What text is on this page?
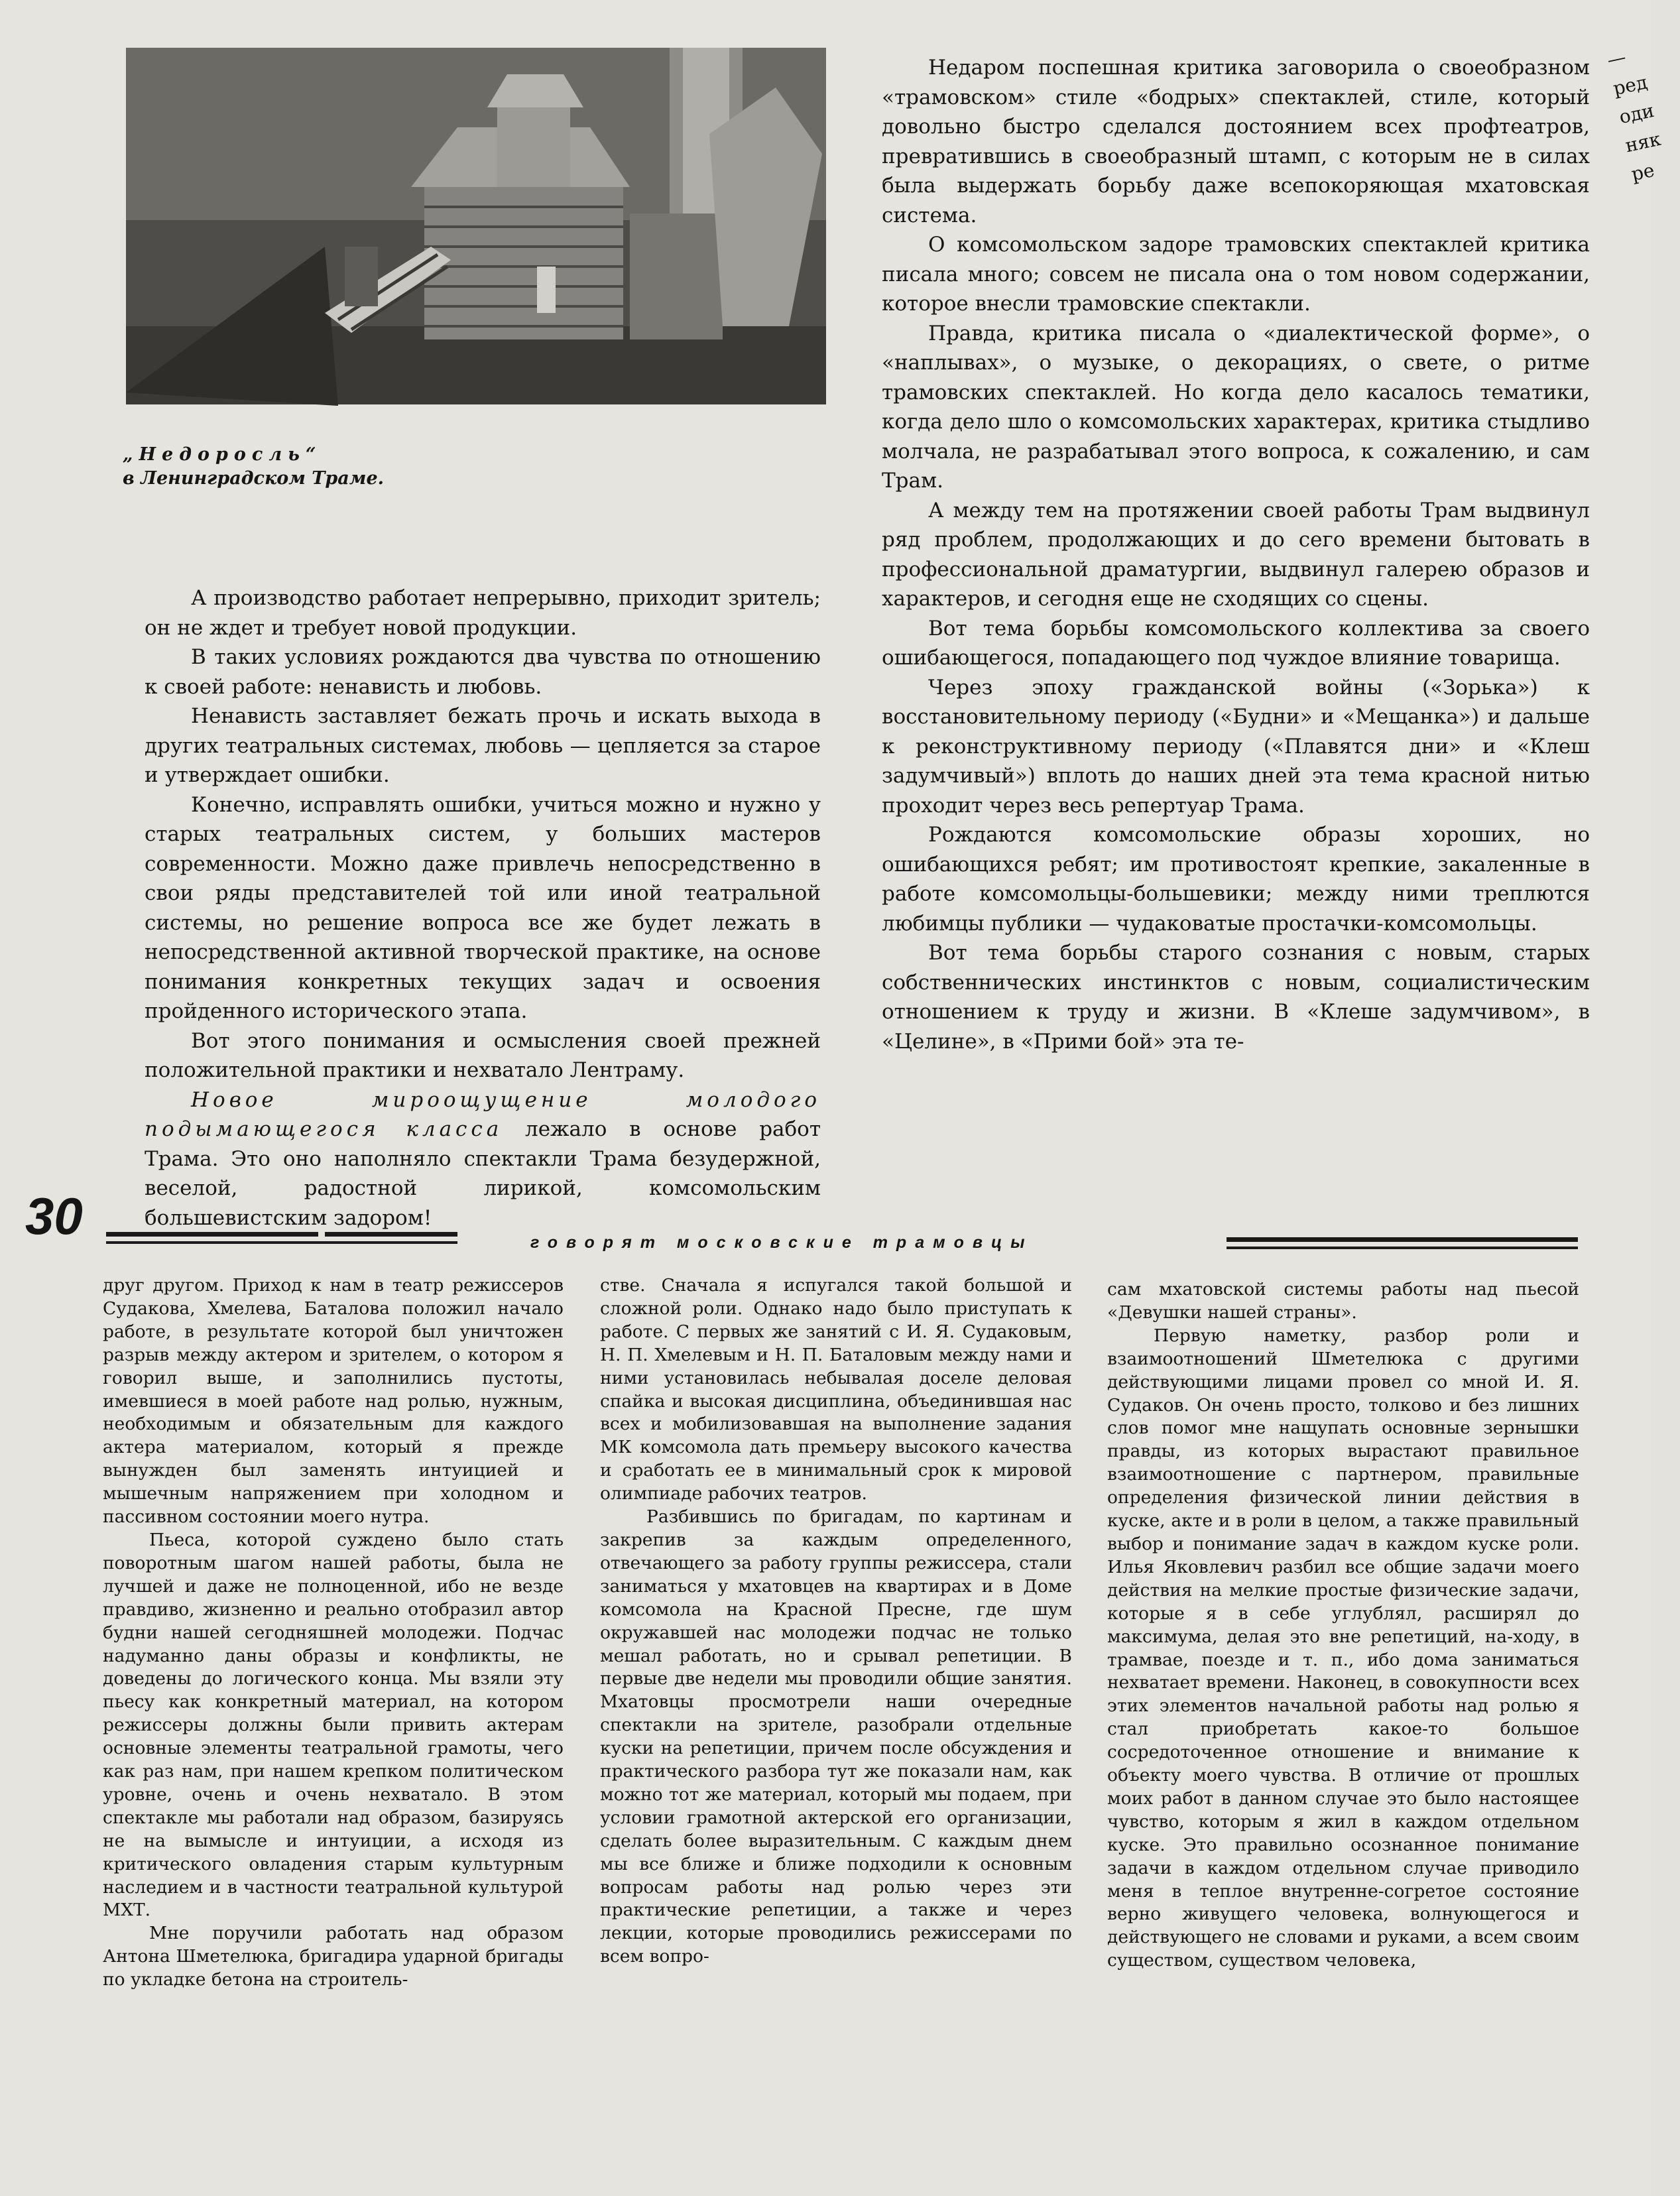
„Недоросль“
в Ленинградском Траме.

А производство работает непрерывно, приходит зритель; он не ждет и требует новой продукции.

В таких условиях рождаются два чувства по отношению к своей работе: ненависть и любовь.

Ненависть заставляет бежать прочь и искать выхода в других театральных системах, любовь — цепляется за старое и утверждает ошибки.

Конечно, исправлять ошибки, учиться можно и нужно у старых театральных систем, у больших мастеров современности. Можно даже привлечь непосредственно в свои ряды представителей той или иной театральной системы, но решение вопроса все же будет лежать в непосредственной активной творческой практике, на основе понимания конкретных текущих задач и освоения пройденного исторического этапа.

Вот этого понимания и осмысления своей прежней положительной практики и нехватало Лентраму.

Новое мироощущение молодого подымающегося класса лежало в основе работ Трама. Это оно наполняло спектакли Трама безудержной, веселой, радостной лирикой, комсомольским большевистским задором!

Недаром поспешная критика заговорила о своеобразном «трамовском» стиле «бодрых» спектаклей, стиле, который довольно быстро сделался достоянием всех профтеатров, превратившись в своеобразный штамп, с которым не в силах была выдержать борьбу даже всепокоряющая мхатовская система.

О комсомольском задоре трамовских спектаклей критика писала много; совсем не писала она о том новом содержании, которое внесли трамовские спектакли.

Правда, критика писала о «диалектической форме», о «наплывах», о музыке, о декорациях, о свете, о ритме трамовских спектаклей. Но когда дело касалось тематики, когда дело шло о комсомольских характерах, критика стыдливо молчала, не разрабатывал этого вопроса, к сожалению, и сам Трам.

А между тем на протяжении своей работы Трам выдвинул ряд проблем, продолжающих и до сего времени бытовать в профессиональной драматургии, выдвинул галерею образов и характеров, и сегодня еще не сходящих со сцены.

Вот тема борьбы комсомольского коллектива за своего ошибающегося, попадающего под чуждое влияние товарища.

Через эпоху гражданской войны («Зорька») к восстановительному периоду («Будни» и «Мещанка») и дальше к реконструктивному периоду («Плавятся дни» и «Клеш задумчивый») вплоть до наших дней эта тема красной нитью проходит через весь репертуар Трама.

Рождаются комсомольские образы хороших, но ошибающихся ребят; им противостоят крепкие, закаленные в работе комсомольцы-большевики; между ними треплются любимцы публики — чудаковатые простачки-комсомольцы.

Вот тема борьбы старого сознания с новым, старых собственнических инстинктов с новым, социалистическим отношением к труду и жизни. В «Клеше задумчивом», в «Целине», в «Прими бой» эта те-

— ред оди няк ре
30	говорят московские трамовцы

друг другом. Приход к нам в театр режиссеров Судакова, Хмелева, Баталова положил начало работе, в результате которой был уничтожен разрыв между актером и зрителем, о котором я говорил выше, и заполнились пустоты, имевшиеся в моей работе над ролью, нужным, необходимым и обязательным для каждого актера материалом, который я прежде вынужден был заменять интуицией и мышечным напряжением при холодном и пассивном состоянии моего нутра.

Пьеса, которой суждено было стать поворотным шагом нашей работы, была не лучшей и даже не полноценной, ибо не везде правдиво, жизненно и реально отобразил автор будни нашей сегодняшней молодежи. Подчас надуманно даны образы и конфликты, не доведены до логического конца. Мы взяли эту пьесу как конкретный материал, на котором режиссеры должны были привить актерам основные элементы театральной грамоты, чего как раз нам, при нашем крепком политическом уровне, очень и очень нехватало. В этом спектакле мы работали над образом, базируясь не на вымысле и интуиции, а исходя из критического овладения старым культурным наследием и в частности театральной культурой МХТ.

Мне поручили работать над образом Антона Шметелюка, бригадира ударной бригады по укладке бетона на строитель-

стве. Сначала я испугался такой большой и сложной роли. Однако надо было приступать к работе. С первых же занятий с И. Я. Судаковым, Н. П. Хмелевым и Н. П. Баталовым между нами и ними установилась небывалая доселе деловая спайка и высокая дисциплина, объединившая нас всех и мобилизовавшая на выполнение задания МК комсомола дать премьеру высокого качества и сработать ее в минимальный срок к мировой олимпиаде рабочих театров.

Разбившись по бригадам, по картинам и закрепив за каждым определенного, отвечающего за работу группы режиссера, стали заниматься у мхатовцев на квартирах и в Доме комсомола на Красной Пресне, где шум окружавшей нас молодежи подчас не только мешал работать, но и срывал репетиции. В первые две недели мы проводили общие занятия. Мхатовцы просмотрели наши очередные спектакли на зрителе, разобрали отдельные куски на репетиции, причем после обсуждения и практического разбора тут же показали нам, как можно тот же материал, который мы подаем, при условии грамотной актерской его организации, сделать более выразительным. С каждым днем мы все ближе и ближе подходили к основным вопросам работы над ролью через эти практические репетиции, а также и через лекции, которые проводились режиссерами по всем вопро-

сам мхатовской системы работы над пьесой «Девушки нашей страны».

Первую наметку, разбор роли и взаимоотношений Шметелюка с другими действующими лицами провел со мной И. Я. Судаков. Он очень просто, толково и без лишних слов помог мне нащупать основные зернышки правды, из которых вырастают правильное взаимоотношение с партнером, правильные определения физической линии действия в куске, акте и в роли в целом, а также правильный выбор и понимание задач в каждом куске роли. Илья Яковлевич разбил все общие задачи моего действия на мелкие простые физические задачи, которые я в себе углублял, расширял до максимума, делая это вне репетиций, на-ходу, в трамвае, поезде и т. п., ибо дома заниматься нехватает времени. Наконец, в совокупности всех этих элементов начальной работы над ролью я стал приобретать какое-то большое сосредоточенное отношение и внимание к объекту моего чувства. В отличие от прошлых моих работ в данном случае это было настоящее чувство, которым я жил в каждом отдельном куске. Это правильно осознанное понимание задачи в каждом отдельном случае приводило меня в теплое внутренне-согретое состояние верно живущего человека, волнующегося и действующего не словами и руками, а всем своим существом, существом человека,
